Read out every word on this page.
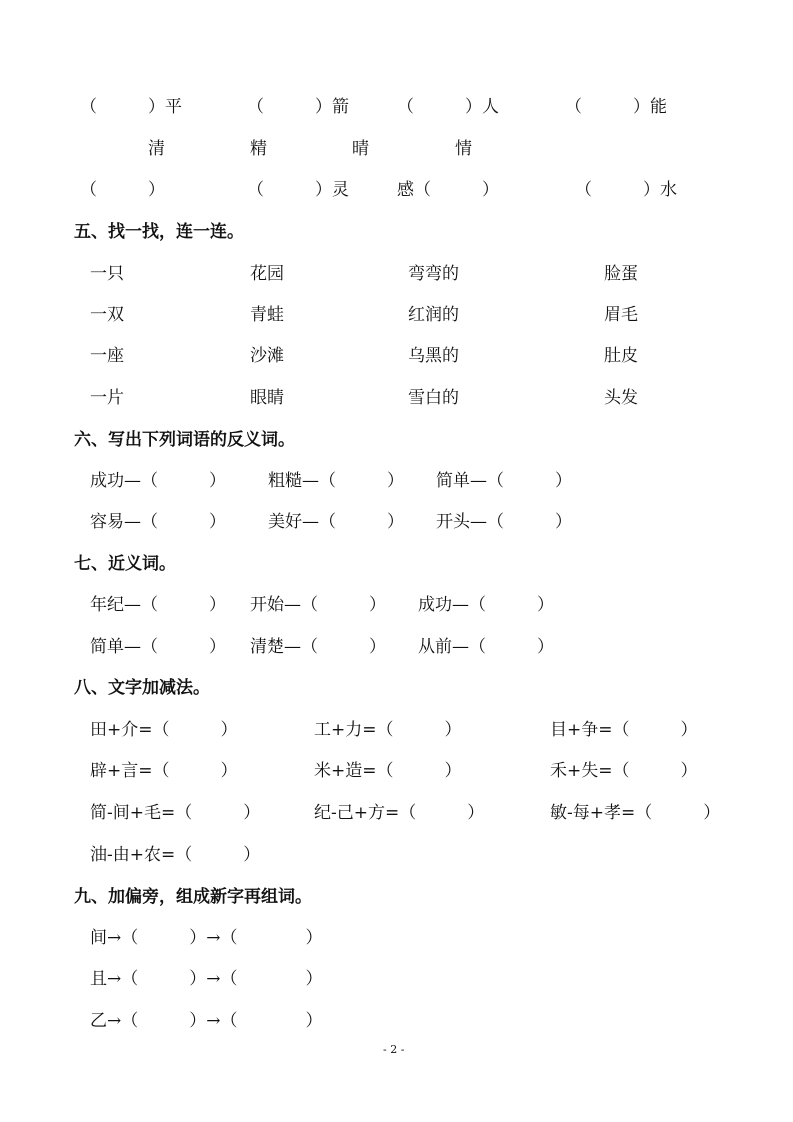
（　　　）平	（　　　）箭	（　　　）人	（　　　）能
清	精	晴	情
（　　　）	（　　　）灵	感（　　　）	（　　　）水
五、找一找，连一连。
一只	花园	弯弯的	脸蛋
一双	青蛙	红润的	眉毛
一座	沙滩	乌黑的	肚皮
一片	眼睛	雪白的	头发
六、写出下列词语的反义词。
成功—（　　　） 粗糙—（　　　） 简单—（　　　）
容易—（　　　） 美好—（　　　） 开头—（　　　）
七、近义词。
年纪—（　　　） 开始—（　　　） 成功—（　　　）
简单—（　　　） 清楚—（　　　） 从前—（　　　）
八、文字加减法。
田+介=（　　　）	工+力=（　　　）	目+争=（　　　）
辟+言=（　　　）	米+造=（　　　）	禾+失=（　　　）
简-间+毛=（　　　）	纪-己+方=（　　　）	敏-每+孝=（　　　）
油-由+农=（　　　）
九、加偏旁，组成新字再组词。
间→（　　　）→（　　　　）
且→（　　　）→（　　　　）
乙→（　　　）→（　　　　）
- 2 -
